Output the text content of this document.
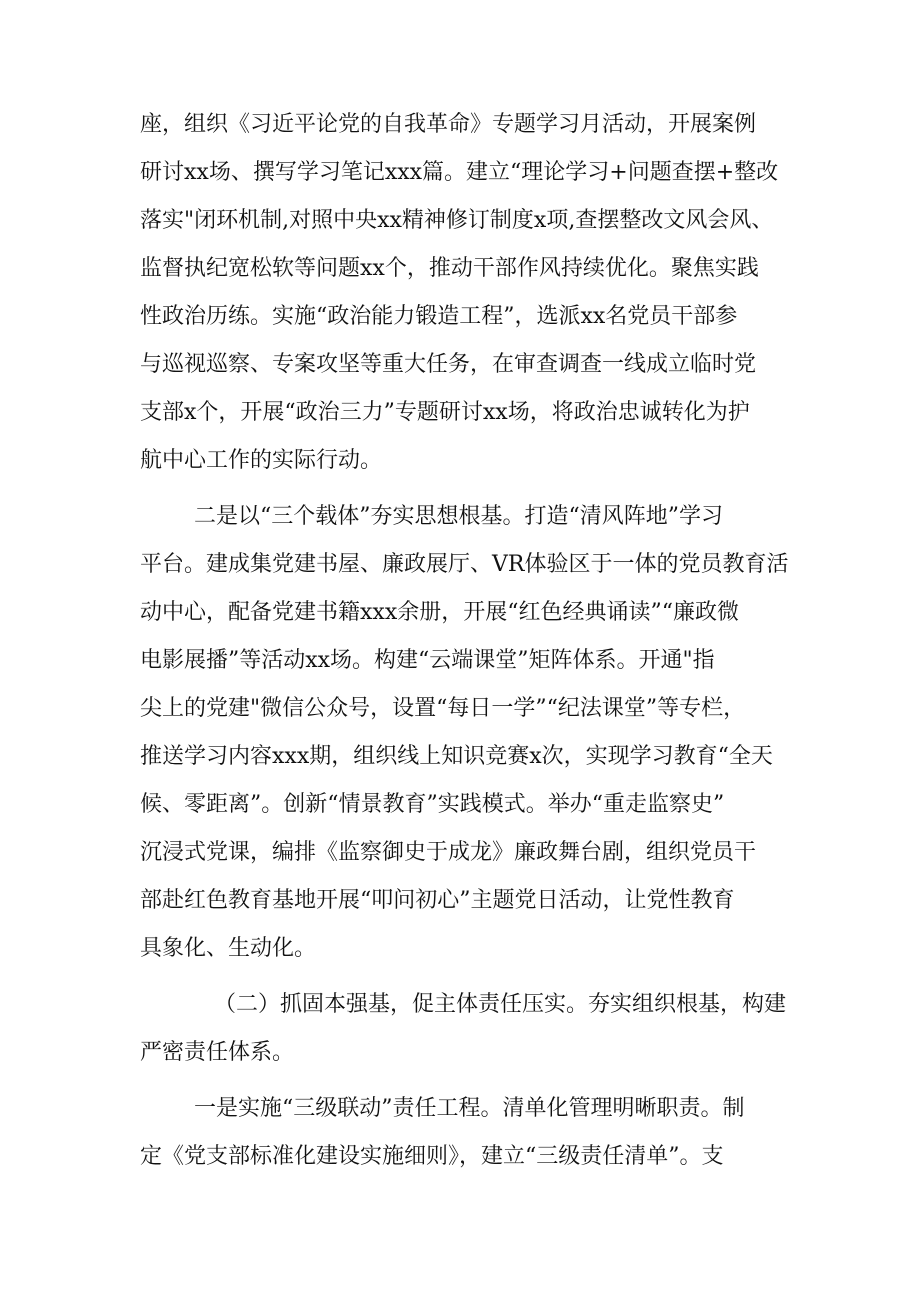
座，组织《习近平论党的自我革命》专题学习月活动，开展案例
研讨xx场、撰写学习笔记xxx篇。建立“理论学习+问题查摆+整改
落实"闭环机制,对照中央xx精神修订制度x项,查摆整改文风会风、
监督执纪宽松软等问题xx个，推动干部作风持续优化。聚焦实践
性政治历练。实施“政治能力锻造工程”，选派xx名党员干部参
与巡视巡察、专案攻坚等重大任务，在审查调查一线成立临时党
支部x个，开展“政治三力”专题研讨xx场，将政治忠诚转化为护
航中心工作的实际行动。
二是以“三个载体”夯实思想根基。打造“清风阵地”学习
平台。建成集党建书屋、廉政展厅、VR体验区于一体的党员教育活
动中心，配备党建书籍xxx余册，开展“红色经典诵读”“廉政微
电影展播”等活动xx场。构建“云端课堂”矩阵体系。开通"指
尖上的党建"微信公众号，设置“每日一学”“纪法课堂”等专栏，
推送学习内容xxx期，组织线上知识竞赛x次，实现学习教育“全天
候、零距离”。创新“情景教育”实践模式。举办“重走监察史”
沉浸式党课，编排《监察御史于成龙》廉政舞台剧，组织党员干
部赴红色教育基地开展“叩问初心”主题党日活动，让党性教育
具象化、生动化。
（二）抓固本强基，促主体责任压实。夯实组织根基，构建
严密责任体系。
一是实施“三级联动”责任工程。清单化管理明晰职责。制
定《党支部标准化建设实施细则》，建立“三级责任清单”。支
